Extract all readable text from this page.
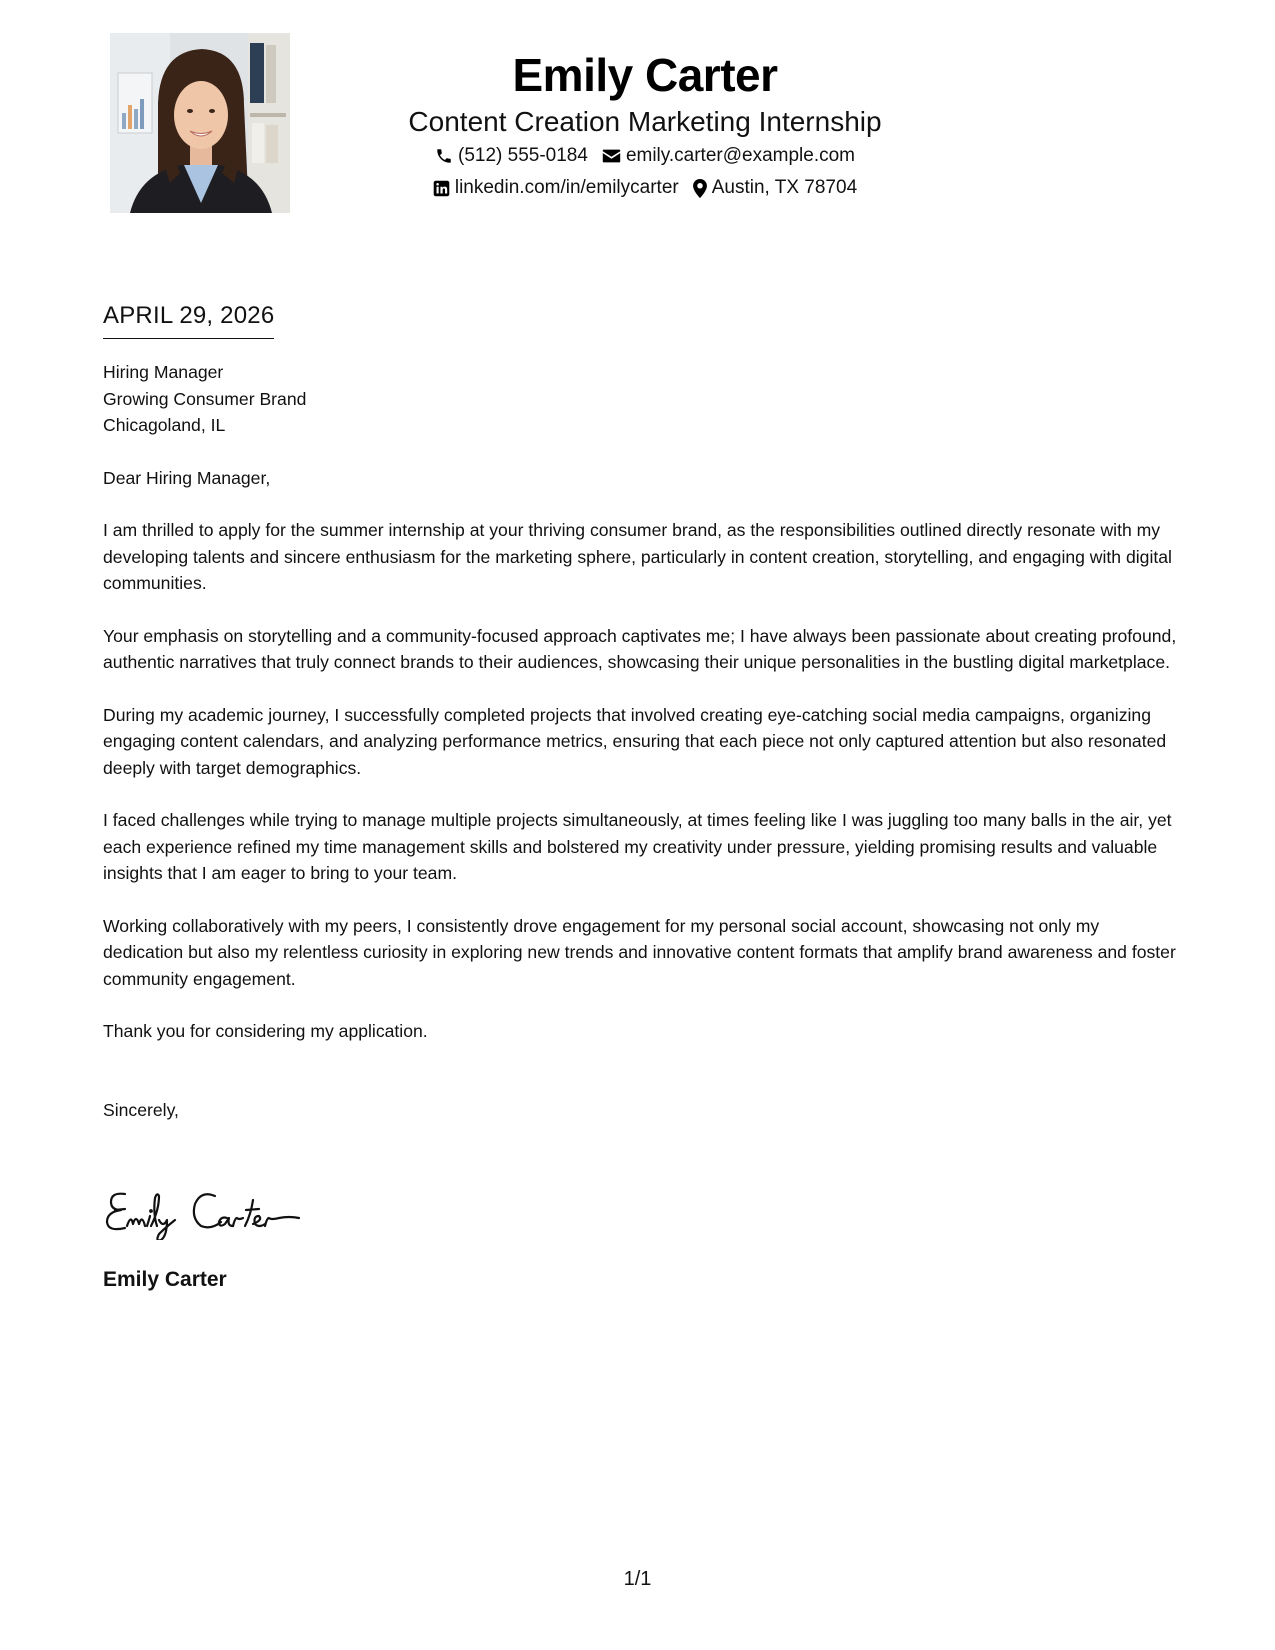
Emily Carter
Content Creation Marketing Internship
(512) 555-0184 emily.carter@example.com
linkedin.com/in/emilycarter Austin, TX 78704
APRIL 29, 2026
Hiring Manager
Growing Consumer Brand
Chicagoland, IL
Dear Hiring Manager,

I am thrilled to apply for the summer internship at your thriving consumer brand, as the responsibilities outlined directly resonate with my developing talents and sincere enthusiasm for the marketing sphere, particularly in content creation, storytelling, and engaging with digital communities.

Your emphasis on storytelling and a community-focused approach captivates me; I have always been passionate about creating profound, authentic narratives that truly connect brands to their audiences, showcasing their unique personalities in the bustling digital marketplace.

During my academic journey, I successfully completed projects that involved creating eye-catching social media campaigns, organizing engaging content calendars, and analyzing performance metrics, ensuring that each piece not only captured attention but also resonated deeply with target demographics.

I faced challenges while trying to manage multiple projects simultaneously, at times feeling like I was juggling too many balls in the air, yet each experience refined my time management skills and bolstered my creativity under pressure, yielding promising results and valuable insights that I am eager to bring to your team.

Working collaboratively with my peers, I consistently drove engagement for my personal social account, showcasing not only my dedication but also my relentless curiosity in exploring new trends and innovative content formats that amplify brand awareness and foster community engagement.

Thank you for considering my application.
Sincerely,
Emily Carter
1/1
